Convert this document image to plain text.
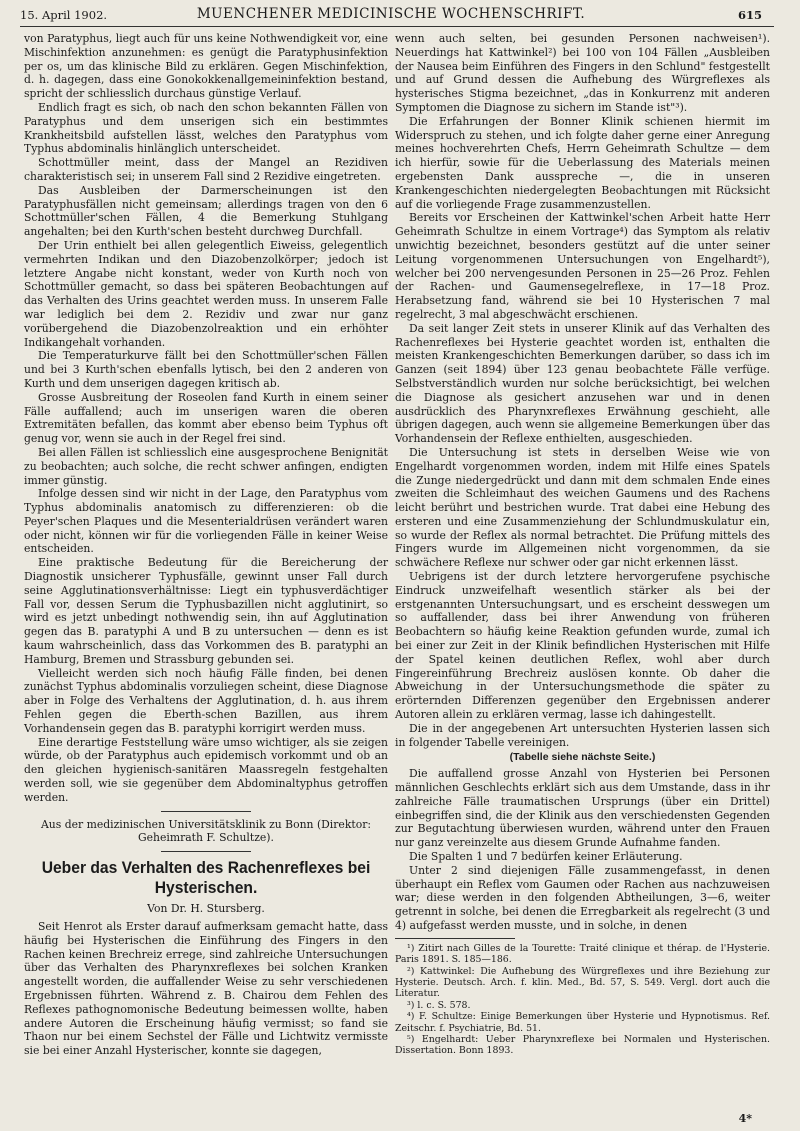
15. April 1902.	MUENCHENER MEDICINISCHE WOCHENSCHRIFT.	615

von Paratyphus, liegt auch für uns keine Nothwendigkeit vor, eine Mischinfektion anzunehmen: es genügt die Paratyphusinfektion per os, um das klinische Bild zu erklären. Gegen Mischinfektion, d. h. dagegen, dass eine Gonokokkenallgemeininfektion bestand, spricht der schliesslich durchaus günstige Verlauf.

Endlich fragt es sich, ob nach den schon bekannten Fällen von Paratyphus und dem unserigen sich ein bestimmtes Krankheitsbild aufstellen lässt, welches den Paratyphus vom Typhus abdominalis hinlänglich unterscheidet.

Schottmüller meint, dass der Mangel an Rezidiven charakteristisch sei; in unserem Fall sind 2 Rezidive eingetreten.

Das Ausbleiben der Darmerscheinungen ist den Paratyphusfällen nicht gemeinsam; allerdings tragen von den 6 Schottmüller'schen Fällen, 4 die Bemerkung Stuhlgang angehalten; bei den Kurth'schen besteht durchweg Durchfall.

Der Urin enthielt bei allen gelegentlich Eiweiss, gelegentlich vermehrten Indikan und den Diazobenzolkörper; jedoch ist letztere Angabe nicht konstant, weder von Kurth noch von Schottmüller gemacht, so dass bei späteren Beobachtungen auf das Verhalten des Urins geachtet werden muss. In unserem Falle war lediglich bei dem 2. Rezidiv und zwar nur ganz vorübergehend die Diazobenzolreaktion und ein erhöhter Indikangehalt vorhanden.

Die Temperaturkurve fällt bei den Schottmüller'schen Fällen und bei 3 Kurth'schen ebenfalls lytisch, bei den 2 anderen von Kurth und dem unserigen dagegen kritisch ab.

Grosse Ausbreitung der Roseolen fand Kurth in einem seiner Fälle auffallend; auch im unserigen waren die oberen Extremitäten befallen, das kommt aber ebenso beim Typhus oft genug vor, wenn sie auch in der Regel frei sind.

Bei allen Fällen ist schliesslich eine ausgesprochene Benignität zu beobachten; auch solche, die recht schwer anfingen, endigten immer günstig.

Infolge dessen sind wir nicht in der Lage, den Paratyphus vom Typhus abdominalis anatomisch zu differenzieren: ob die Peyer'schen Plaques und die Mesenterialdrüsen verändert waren oder nicht, können wir für die vorliegenden Fälle in keiner Weise entscheiden.

Eine praktische Bedeutung für die Bereicherung der Diagnostik unsicherer Typhusfälle, gewinnt unser Fall durch seine Agglutinationsverhältnisse: Liegt ein typhusverdächtiger Fall vor, dessen Serum die Typhusbazillen nicht agglutinirt, so wird es jetzt unbedingt nothwendig sein, ihn auf Agglutination gegen das B. paratyphi A und B zu untersuchen — denn es ist kaum wahrscheinlich, dass das Vorkommen des B. paratyphi an Hamburg, Bremen und Strassburg gebunden sei.

Vielleicht werden sich noch häufig Fälle finden, bei denen zunächst Typhus abdominalis vorzuliegen scheint, diese Diagnose aber in Folge des Verhaltens der Agglutination, d. h. aus ihrem Fehlen gegen die Eberth-schen Bazillen, aus ihrem Vorhandensein gegen das B. paratyphi korrigirt werden muss.

Eine derartige Feststellung wäre umso wichtiger, als sie zeigen würde, ob der Paratyphus auch epidemisch vorkommt und ob an den gleichen hygienisch-sanitären Maassregeln festgehalten werden soll, wie sie gegenüber dem Abdominaltyphus getroffen werden.

Aus der medizinischen Universitätsklinik zu Bonn (Direktor: Geheimrath F. Schultze).

Ueber das Verhalten des Rachenreflexes bei Hysterischen.
Von Dr. H. Stursberg.

Seit Henrot als Erster darauf aufmerksam gemacht hatte, dass häufig bei Hysterischen die Einführung des Fingers in den Rachen keinen Brechreiz erregе, sind zahlreiche Untersuchungen über das Verhalten des Pharynxreflexes bei solchen Kranken angestellt worden, die auffallender Weise zu sehr verschiedenen Ergebnissen führten. Während z. B. Chairou dem Fehlen des Reflexes pathognomonische Bedeutung beimessen wollte, haben andere Autoren die Erscheinung häufig vermisst; so fand sie Thaon nur bei einem Sechstel der Fälle und Lichtwitz vermisste sie bei einer Anzahl Hysterischer, konnte sie dagegen,

wenn auch selten, bei gesunden Personen nachweisen¹). Neuerdings hat Kattwinkel²) bei 100 von 104 Fällen „Ausbleiben der Nausea beim Einführen des Fingers in den Schlund" festgestellt und auf Grund dessen die Aufhebung des Würgreflexes als hysterisches Stigma bezeichnet, „das in Konkurrenz mit anderen Symptomen die Diagnose zu sichern im Stande ist"³).

Die Erfahrungen der Bonner Klinik schienen hiermit im Widerspruch zu stehen, und ich folgte daher gerne einer Anregung meines hochverehrten Chefs, Herrn Geheimrath Schultze — dem ich hierfür, sowie für die Ueberlassung des Materials meinen ergebensten Dank ausspreche —, die in unseren Krankengeschichten niedergelegten Beobachtungen mit Rücksicht auf die vorliegende Frage zusammenzustellen.

Bereits vor Erscheinen der Kattwinkel'schen Arbeit hatte Herr Geheimrath Schultze in einem Vortrage⁴) das Symptom als relativ unwichtig bezeichnet, besonders gestützt auf die unter seiner Leitung vorgenommenen Untersuchungen von Engelhardt⁵), welcher bei 200 nervengesunden Personen in 25—26 Proz. Fehlen der Rachen- und Gaumensegelreflexe, in 17—18 Proz. Herabsetzung fand, während sie bei 10 Hysterischen 7 mal regelrecht, 3 mal abgeschwächt erschienen.

Da seit langer Zeit stets in unserer Klinik auf das Verhalten des Rachenreflexes bei Hysterie geachtet worden ist, enthalten die meisten Krankengeschichten Bemerkungen darüber, so dass ich im Ganzen (seit 1894) über 123 genau beobachtete Fälle verfüge. Selbstverständlich wurden nur solche berücksichtigt, bei welchen die Diagnose als gesichert anzusehen war und in denen ausdrücklich des Pharynxreflexes Erwähnung geschieht, alle übrigen dagegen, auch wenn sie allgemeine Bemerkungen über das Vorhandensein der Reflexe enthielten, ausgeschieden.

Die Untersuchung ist stets in derselben Weise wie von Engelhardt vorgenommen worden, indem mit Hilfe eines Spatels die Zunge niedergedrückt und dann mit dem schmalen Ende eines zweiten die Schleimhaut des weichen Gaumens und des Rachens leicht berührt und bestrichen wurde. Trat dabei eine Hebung des ersteren und eine Zusammenziehung der Schlundmuskulatur ein, so wurde der Reflex als normal betrachtet. Die Prüfung mittels des Fingers wurde im Allgemeinen nicht vorgenommen, da sie schwächere Reflexe nur schwer oder gar nicht erkennen lässt.

Uebrigens ist der durch letztere hervorgerufene psychische Eindruck unzweifelhaft wesentlich stärker als bei der erstgenannten Untersuchungsart, und es erscheint desswegen um so auffallender, dass bei ihrer Anwendung von früheren Beobachtern so häufig keine Reaktion gefunden wurde, zumal ich bei einer zur Zeit in der Klinik befindlichen Hysterischen mit Hilfe der Spatel keinen deutlichen Reflex, wohl aber durch Fingereinführung Brechreiz auslösen konnte. Ob daher die Abweichung in der Untersuchungsmethode die später zu erörternden Differenzen gegenüber den Ergebnissen anderer Autoren allein zu erklären vermag, lasse ich dahingestellt.

Die in der angegebenen Art untersuchten Hysterien lassen sich in folgender Tabelle vereinigen.

(Tabelle siehe nächste Seite.)

Die auffallend grosse Anzahl von Hysterien bei Personen männlichen Geschlechts erklärt sich aus dem Umstande, dass in ihr zahlreiche Fälle traumatischen Ursprungs (über ein Drittel) einbegriffen sind, die der Klinik aus den verschiedensten Gegenden zur Begutachtung überwiesen wurden, während unter den Frauen nur ganz vereinzelte aus diesem Grunde Aufnahme fanden.

Die Spalten 1 und 7 bedürfen keiner Erläuterung.

Unter 2 sind diejenigen Fälle zusammengefasst, in denen überhaupt ein Reflex vom Gaumen oder Rachen aus nachzuweisen war; diese werden in den folgenden Abtheilungen, 3—6, weiter getrennt in solche, bei denen die Erregbarkeit als regelrecht (3 und 4) aufgefasst werden musste, und in solche, in denen

¹) Zitirt nach Gilles de la Tourette: Traité clinique et thérap. de l'Hysterie. Paris 1891. S. 185—186.

²) Kattwinkel: Die Aufhebung des Würgreflexes und ihre Beziehung zur Hysterie. Deutsch. Arch. f. klin. Med., Bd. 57, S. 549. Vergl. dort auch die Literatur.

³) l. c. S. 578.

⁴) F. Schultze: Einige Bemerkungen über Hysterie und Hypnotismus. Ref. Zeitschr. f. Psychiatrie, Bd. 51.

⁵) Engelhardt: Ueber Pharynxreflexe bei Normalen und Hysterischen. Dissertation. Bonn 1893.

4*
